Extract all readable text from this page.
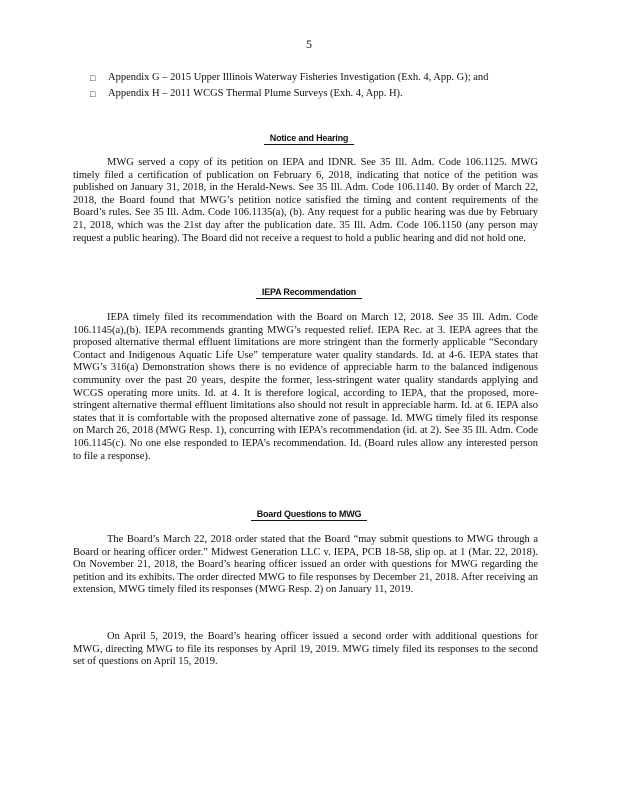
5
□	Appendix G – 2015 Upper Illinois Waterway Fisheries Investigation (Exh. 4, App. G); and
□	Appendix H – 2011 WCGS Thermal Plume Surveys (Exh. 4, App. H).
Notice and Hearing

MWG served a copy of its petition on IEPA and IDNR. See 35 Ill. Adm. Code 106.1125. MWG timely filed a certification of publication on February 6, 2018, indicating that notice of the petition was published on January 31, 2018, in the Herald-News. See 35 Ill. Adm. Code 106.1140. By order of March 22, 2018, the Board found that MWG’s petition notice satisfied the timing and content requirements of the Board’s rules. See 35 Ill. Adm. Code 106.1135(a), (b). Any request for a public hearing was due by February 21, 2018, which was the 21st day after the publication date. 35 Ill. Adm. Code 106.1150 (any person may request a public hearing). The Board did not receive a request to hold a public hearing and did not hold one.

IEPA Recommendation

IEPA timely filed its recommendation with the Board on March 12, 2018. See 35 Ill. Adm. Code 106.1145(a),(b). IEPA recommends granting MWG’s requested relief. IEPA Rec. at 3. IEPA agrees that the proposed alternative thermal effluent limitations are more stringent than the formerly applicable “Secondary Contact and Indigenous Aquatic Life Use” temperature water quality standards. Id. at 4-6. IEPA states that MWG’s 316(a) Demonstration shows there is no evidence of appreciable harm to the balanced indigenous community over the past 20 years, despite the former, less-stringent water quality standards applying and WCGS operating more units. Id. at 4. It is therefore logical, according to IEPA, that the proposed, more-stringent alternative thermal effluent limitations also should not result in appreciable harm. Id. at 6. IEPA also states that it is comfortable with the proposed alternative zone of passage. Id. MWG timely filed its response on March 26, 2018 (MWG Resp. 1), concurring with IEPA’s recommendation (id. at 2). See 35 Ill. Adm. Code 106.1145(c). No one else responded to IEPA’s recommendation. Id. (Board rules allow any interested person to file a response).

Board Questions to MWG

The Board’s March 22, 2018 order stated that the Board “may submit questions to MWG through a Board or hearing officer order.” Midwest Generation LLC v. IEPA, PCB 18-58, slip op. at 1 (Mar. 22, 2018). On November 21, 2018, the Board’s hearing officer issued an order with questions for MWG regarding the petition and its exhibits. The order directed MWG to file responses by December 21, 2018. After receiving an extension, MWG timely filed its responses (MWG Resp. 2) on January 11, 2019.

On April 5, 2019, the Board’s hearing officer issued a second order with additional questions for MWG, directing MWG to file its responses by April 19, 2019. MWG timely filed its responses to the second set of questions on April 15, 2019.
